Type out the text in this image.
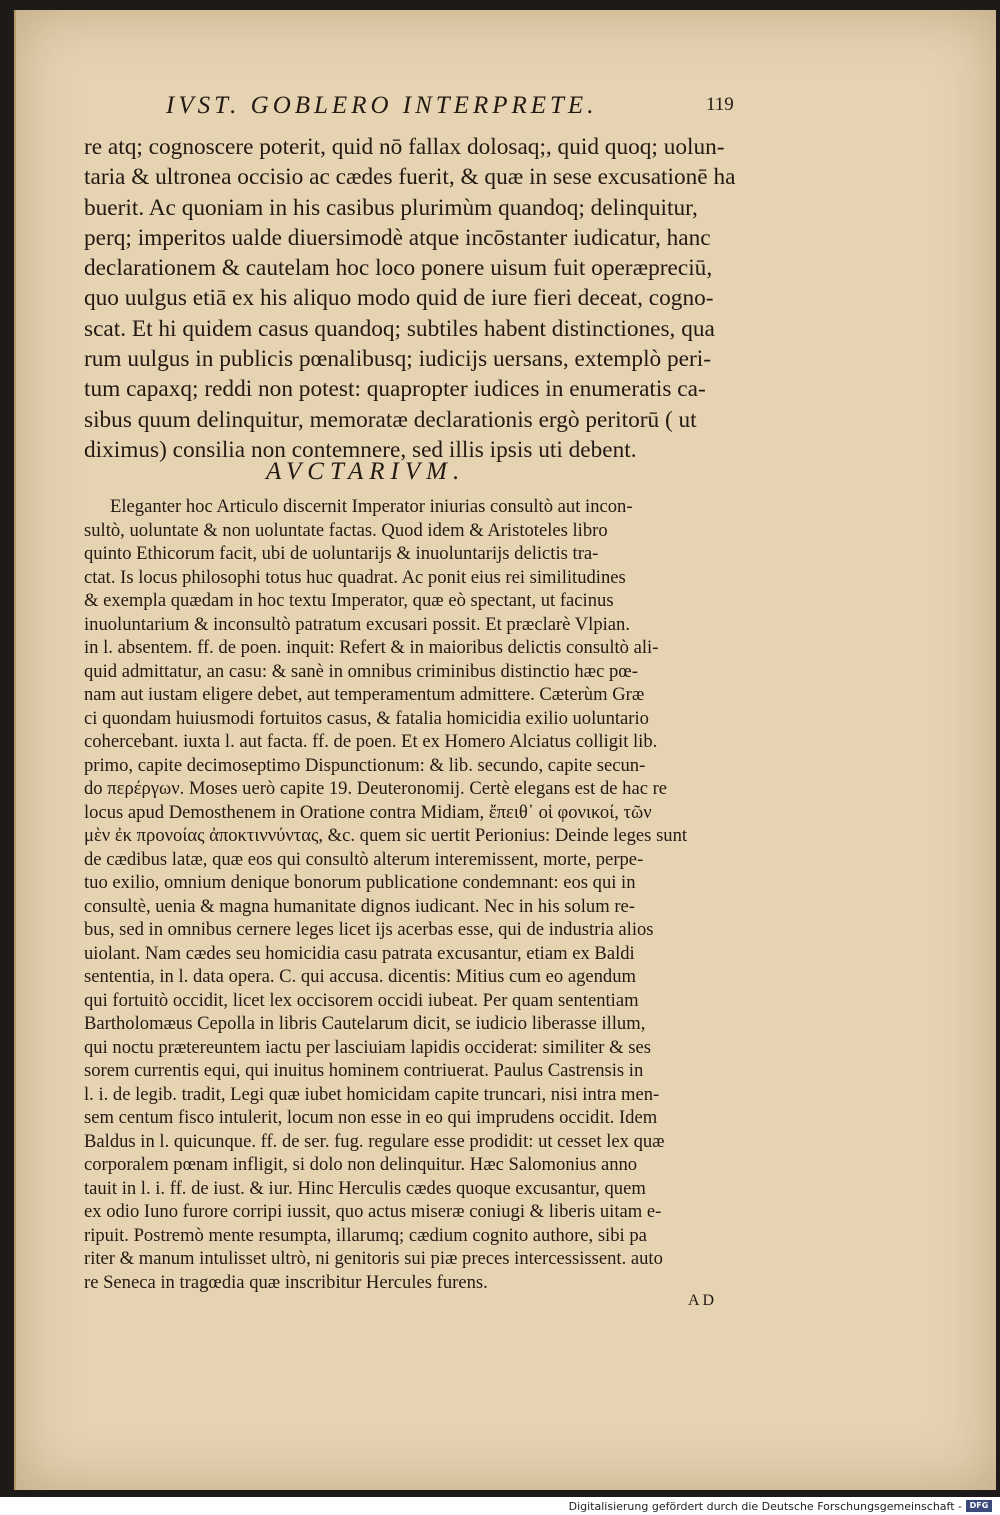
IVST. GOBLERO INTERPRETE.	119
re atq; cognoscere poterit, quid nō fallax dolosaq;, quid quoq; uolun-
taria & ultronea occisio ac cædes fuerit, & quæ in sese excusationē ha
buerit. Ac quoniam in his casibus plurimùm quandoq; delinquitur,
perq; imperitos ualde diuersimodè atque incōstanter iudicatur, hanc
declarationem & cautelam hoc loco ponere uisum fuit operæpreciū,
quo uulgus etiā ex his aliquo modo quid de iure fieri deceat, cogno-
scat. Et hi quidem casus quandoq; subtiles habent distinctiones, qua
rum uulgus in publicis pœnalibusq; iudicijs uersans, extemplò peri-
tum capaxq; reddi non potest: quapropter iudices in enumeratis ca-
sibus quum delinquitur, memoratæ declarationis ergò peritorū ( ut
diximus) consilia non contemnere, sed illis ipsis uti debent.
AVCTARIVM.
Eleganter hoc Articulo discernit Imperator iniurias consultò aut incon-
sultò, uoluntate & non uoluntate factas. Quod idem & Aristoteles libro
quinto Ethicorum facit, ubi de uoluntarijs & inuoluntarijs delictis tra-
ctat. Is locus philosophi totus huc quadrat. Ac ponit eius rei similitudines
& exempla quædam in hoc textu Imperator, quæ eò spectant, ut facinus
inuoluntarium & inconsultò patratum excusari possit. Et præclarè Vlpian.
in l. absentem. ff. de poen. inquit: Refert & in maioribus delictis consultò ali-
quid admittatur, an casu: & sanè in omnibus criminibus distinctio hæc pœ-
nam aut iustam eligere debet, aut temperamentum admittere. Cæterùm Græ
ci quondam huiusmodi fortuitos casus, & fatalia homicidia exilio uoluntario
cohercebant. iuxta l. aut facta. ff. de poen. Et ex Homero Alciatus colligit lib.
primo, capite decimoseptimo Dispunctionum: & lib. secundo, capite secun-
do περέργων. Moses uerò capite 19. Deuteronomij. Certè elegans est de hac re
locus apud Demosthenem in Oratione contra Midiam, ἔπειθ᾽ οἱ φονικοί, τῶν
μὲν ἐκ προνοίας ἀποκτιννύντας, &c. quem sic uertit Perionius: Deinde leges sunt
de cædibus latæ, quæ eos qui consultò alterum interemissent, morte, perpe-
tuo exilio, omnium denique bonorum publicatione condemnant: eos qui in
consultè, uenia & magna humanitate dignos iudicant. Nec in his solum re-
bus, sed in omnibus cernere leges licet ijs acerbas esse, qui de industria alios
uiolant. Nam cædes seu homicidia casu patrata excusantur, etiam ex Baldi
sententia, in l. data opera. C. qui accusa. dicentis: Mitius cum eo agendum
qui fortuitò occidit, licet lex occisorem occidi iubeat. Per quam sententiam
Bartholomæus Cepolla in libris Cautelarum dicit, se iudicio liberasse illum,
qui noctu prætereuntem iactu per lasciuiam lapidis occiderat: similiter & ses
sorem currentis equi, qui inuitus hominem contriuerat. Paulus Castrensis in
l. i. de legib. tradit, Legi quæ iubet homicidam capite truncari, nisi intra men-
sem centum fisco intulerit, locum non esse in eo qui imprudens occidit. Idem
Baldus in l. quicunque. ff. de ser. fug. regulare esse prodidit: ut cesset lex quæ
corporalem pœnam infligit, si dolo non delinquitur. Hæc Salomonius anno
tauit in l. i. ff. de iust. & iur. Hinc Herculis cædes quoque excusantur, quem
ex odio Iuno furore corripi iussit, quo actus miseræ coniugi & liberis uitam e-
ripuit. Postremò mente resumpta, illarumq; cædium cognito authore, sibi pa
riter & manum intulisset ultrò, ni genitoris sui piæ preces intercessissent. auto
re Seneca in tragœdia quæ inscribitur Hercules furens.
AD
Digitalisierung gefördert durch die Deutsche Forschungsgemeinschaft - DFG
